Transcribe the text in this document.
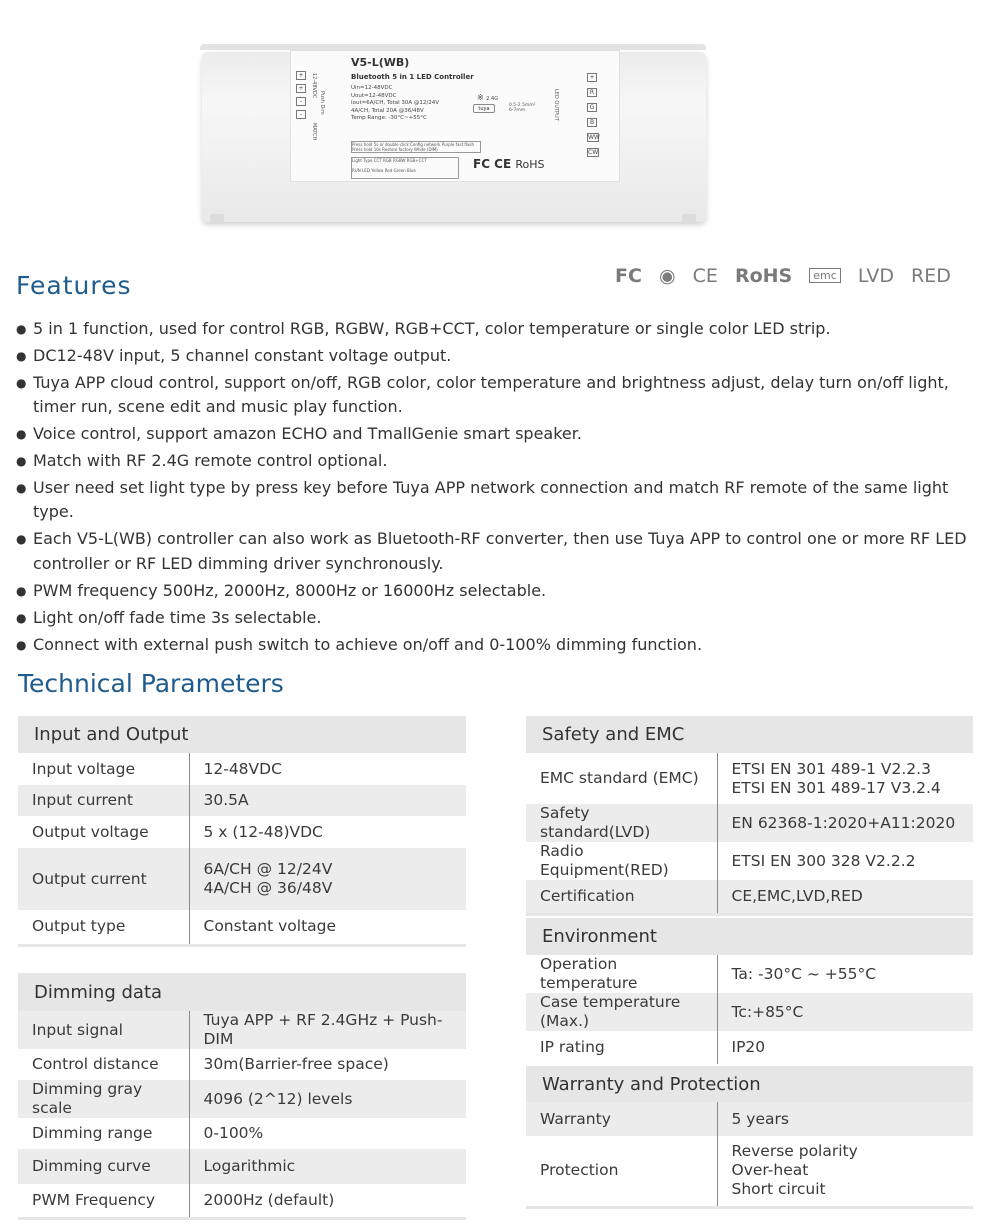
+
+
-
-
12-48VDC
Push Dim
MATCH
V5-L(WB)
Bluetooth 5 in 1 LED Controller
Uin=12-48VDC
Uout=12-48VDC
Iout=6A/CH, Total 30A @12/24V
4A/CH, Total 20A @36/48V
Temp Range: -30°C~+55°C
※ 2.4G
tuya
0.5-2.5mm²
6-7mm
Press hold 5s or double click Config network Purple fast flash
Press hold 10s Restore factory White (DIM)
Light Type CCT RGB RGBW RGB+CCT

RUN LED Yellow Red Green Blue	FC CE RoHS
LED OUTPUT
+
R
G
B
WW
CW
Features	FC ◉ CE RoHS emc LVD RED
● 5 in 1 function, used for control RGB, RGBW, RGB+CCT, color temperature or single color LED strip.
● DC12-48V input, 5 channel constant voltage output.
● Tuya APP cloud control, support on/off, RGB color, color temperature and brightness adjust, delay turn on/off light, timer run, scene edit and music play function.
● Voice control, support amazon ECHO and TmallGenie smart speaker.
● Match with RF 2.4G remote control optional.
● User need set light type by press key before Tuya APP network connection and match RF remote of the same light type.
● Each V5-L(WB) controller can also work as Bluetooth-RF converter, then use Tuya APP to control one or more RF LED controller or RF LED dimming driver synchronously.
● PWM frequency 500Hz, 2000Hz, 8000Hz or 16000Hz selectable.
● Light on/off fade time 3s selectable.
● Connect with external push switch to achieve on/off and 0-100% dimming function.
Technical Parameters
Input and Output	
Input voltage	12-48VDC
Input current	30.5A
Output voltage	5 x (12-48)VDC
Output current	6A/CH @ 12/24V
4A/CH @ 36/48V
Output type	Constant voltage
Dimming data	
Input signal	Tuya APP + RF 2.4GHz + Push-DIM
Control distance	30m(Barrier-free space)
Dimming gray scale	4096 (2^12) levels
Dimming range	0-100%
Dimming curve	Logarithmic
PWM Frequency	2000Hz (default)
Safety and EMC	
EMC standard (EMC)	ETSI EN 301 489-1 V2.2.3
ETSI EN 301 489-17 V3.2.4
Safety standard(LVD)	EN 62368-1:2020+A11:2020
Radio Equipment(RED)	ETSI EN 300 328 V2.2.2
Certification	CE,EMC,LVD,RED
Environment	
Operation temperature	Ta: -30°C ~ +55°C
Case temperature (Max.)	Tc:+85°C
IP rating	IP20
Warranty and Protection	
Warranty	5 years
Protection	Reverse polarity
Over-heat
Short circuit
